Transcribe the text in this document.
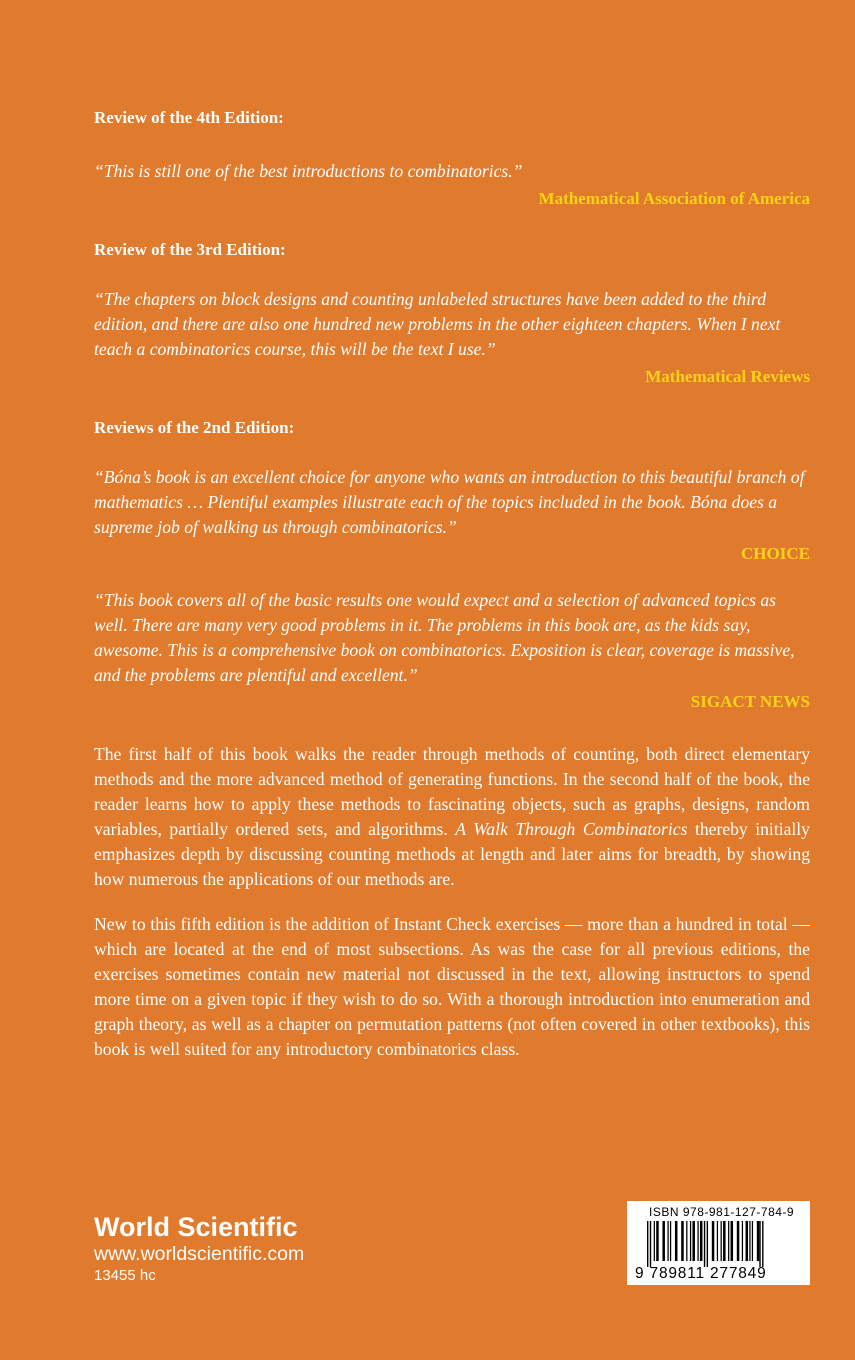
Review of the 4th Edition:

“This is still one of the best introductions to combinatorics.”

Mathematical Association of America

Review of the 3rd Edition:

“The chapters on block designs and counting unlabeled structures have been added to the third edition, and there are also one hundred new problems in the other eighteen chapters. When I next teach a combinatorics course, this will be the text I use.”

Mathematical Reviews

Reviews of the 2nd Edition:

“Bóna’s book is an excellent choice for anyone who wants an introduction to this beautiful branch of mathematics … Plentiful examples illustrate each of the topics included in the book. Bóna does a supreme job of walking us through combinatorics.”

CHOICE

“This book covers all of the basic results one would expect and a selection of advanced topics as well. There are many very good problems in it. The problems in this book are, as the kids say, awesome. This is a comprehensive book on combinatorics. Exposition is clear, coverage is massive, and the problems are plentiful and excellent.”

SIGACT NEWS

The first half of this book walks the reader through methods of counting, both direct elementary methods and the more advanced method of generating functions. In the second half of the book, the reader learns how to apply these methods to fascinating objects, such as graphs, designs, random variables, partially ordered sets, and algorithms. A Walk Through Combinatorics thereby initially emphasizes depth by discussing counting methods at length and later aims for breadth, by showing how numerous the applications of our methods are.

New to this fifth edition is the addition of Instant Check exercises — more than a hundred in total — which are located at the end of most subsections. As was the case for all previous editions, the exercises sometimes contain new material not discussed in the text, allowing instructors to spend more time on a given topic if they wish to do so. With a thorough introduction into enumeration and graph theory, as well as a chapter on permutation patterns (not often covered in other textbooks), this book is well suited for any introductory combinatorics class.

World Scientific
www.worldscientific.com
13455 hc
ISBN 978-981-127-784-9
9 789811 277849
